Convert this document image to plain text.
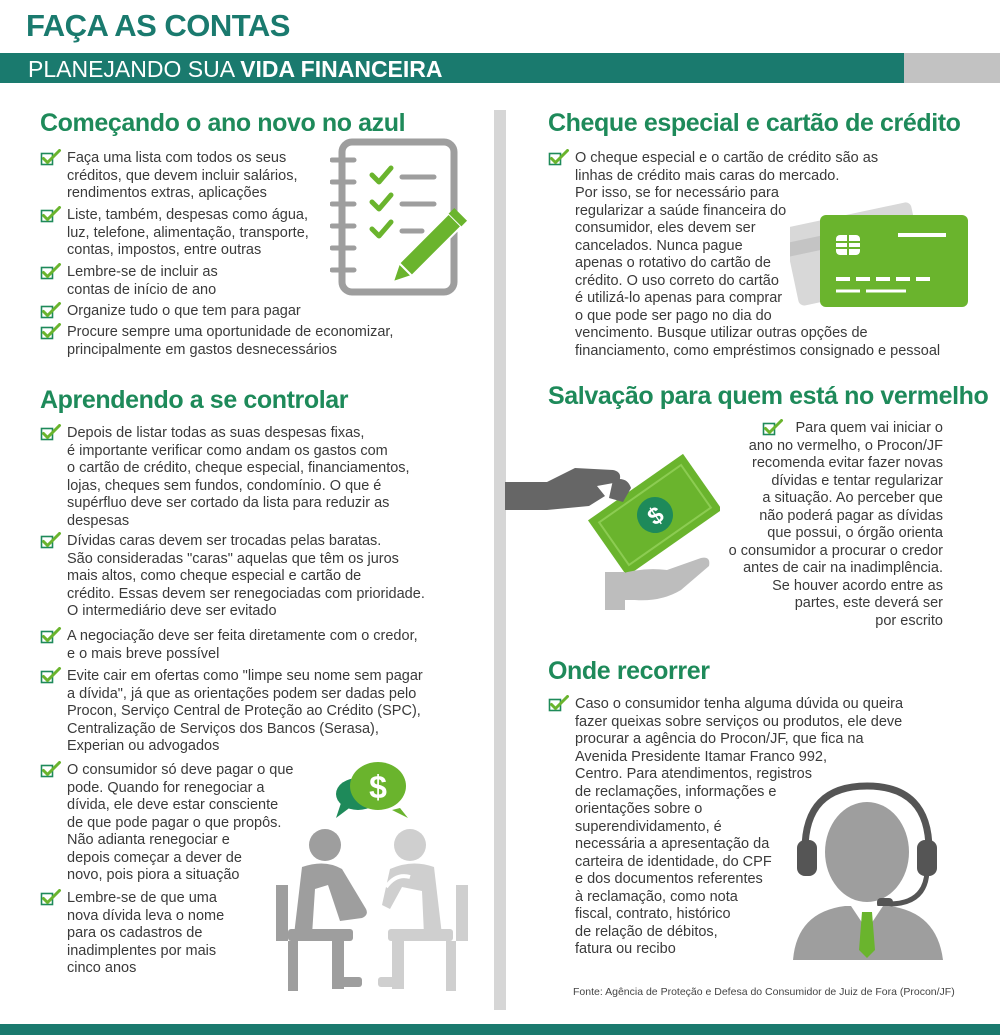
FAÇA AS CONTAS
PLANEJANDO SUA VIDA FINANCEIRA
Começando o ano novo no azul
Faça uma lista com todos os seus
créditos, que devem incluir salários,
rendimentos extras, aplicações
Liste, também, despesas como água,
luz, telefone, alimentação, transporte,
contas, impostos, entre outras
Lembre-se de incluir as
contas de início de ano
Organize tudo o que tem para pagar
Procure sempre uma oportunidade de economizar,
principalmente em gastos desnecessários
Aprendendo a se controlar
Depois de listar todas as suas despesas fixas,
é importante verificar como andam os gastos com
o cartão de crédito, cheque especial, financiamentos,
lojas, cheques sem fundos, condomínio. O que é
supérfluo deve ser cortado da lista para reduzir as
despesas
Dívidas caras devem ser trocadas pelas baratas.
São consideradas "caras" aquelas que têm os juros
mais altos, como cheque especial e cartão de
crédito. Essas devem ser renegociadas com prioridade.
O intermediário deve ser evitado
A negociação deve ser feita diretamente com o credor,
e o mais breve possível
Evite cair em ofertas como "limpe seu nome sem pagar
a dívida", já que as orientações podem ser dadas pelo
Procon, Serviço Central de Proteção ao Crédito (SPC),
Centralização de Serviços dos Bancos (Serasa),
Experian ou advogados
O consumidor só deve pagar o que
pode. Quando for renegociar a
dívida, ele deve estar consciente
de que pode pagar o que propôs.
Não adianta renegociar e
depois começar a dever de
novo, pois piora a situação
Lembre-se de que uma
nova dívida leva o nome
para os cadastros de
inadimplentes por mais
cinco anos
$
Cheque especial e cartão de crédito
O cheque especial e o cartão de crédito são as
linhas de crédito mais caras do mercado.
Por isso, se for necessário para
regularizar a saúde financeira do
consumidor, eles devem ser
cancelados. Nunca pague
apenas o rotativo do cartão de
crédito. O uso correto do cartão
é utilizá-lo apenas para comprar
o que pode ser pago no dia do
vencimento. Busque utilizar outras opções de
financiamento, como empréstimos consignado e pessoal
Salvação para quem está no vermelho
Para quem vai iniciar o
ano no vermelho, o Procon/JF
recomenda evitar fazer novas
dívidas e tentar regularizar
a situação. Ao perceber que
não poderá pagar as dívidas
que possui, o órgão orienta
o consumidor a procurar o credor
antes de cair na inadimplência.
Se houver acordo entre as
partes, este deverá ser
por escrito
$
Onde recorrer
Caso o consumidor tenha alguma dúvida ou queira
fazer queixas sobre serviços ou produtos, ele deve
procurar a agência do Procon/JF, que fica na
Avenida Presidente Itamar Franco 992,
Centro. Para atendimentos, registros
de reclamações, informações e
orientações sobre o
superendividamento, é
necessária a apresentação da
carteira de identidade, do CPF
e dos documentos referentes
à reclamação, como nota
fiscal, contrato, histórico
de relação de débitos,
fatura ou recibo
Fonte: Agência de Proteção e Defesa do Consumidor de Juiz de Fora (Procon/JF)
